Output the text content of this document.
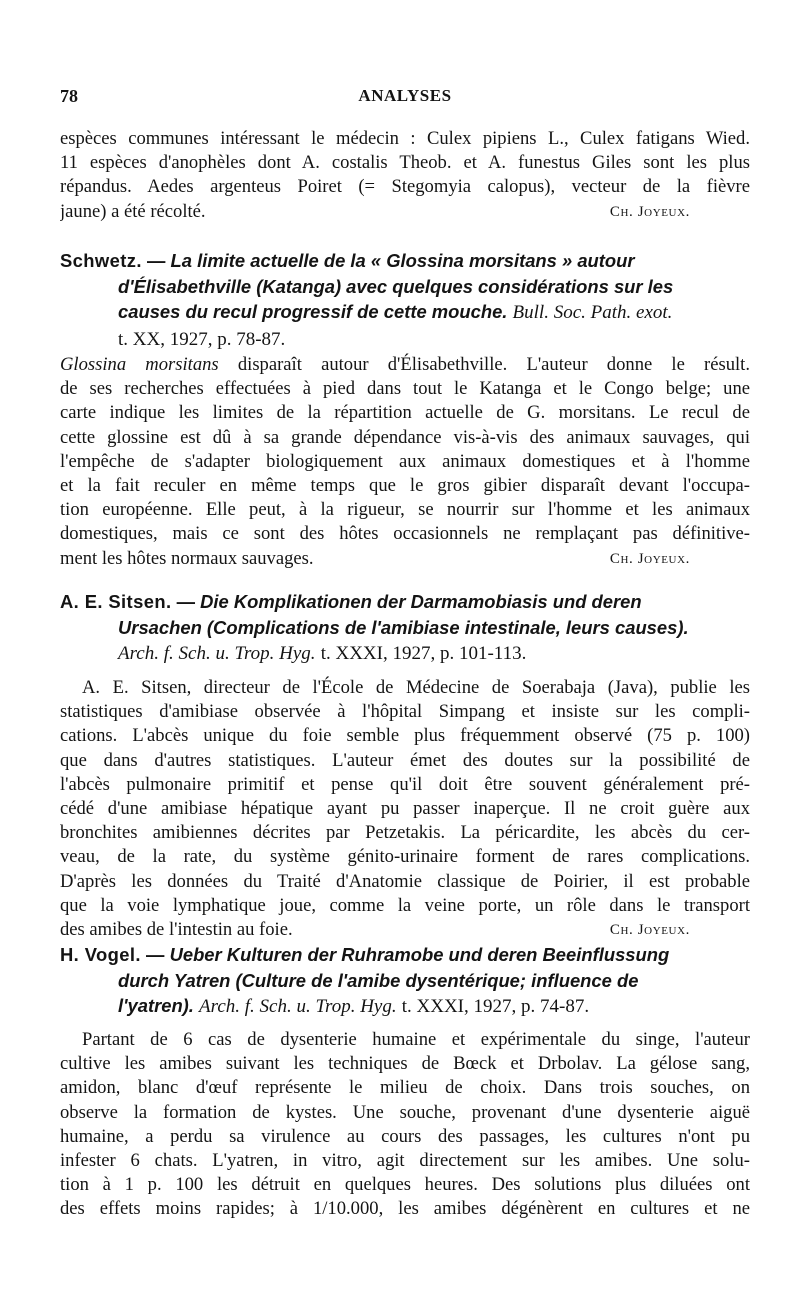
78	ANALYSES
espèces communes intéressant le médecin : Culex pipiens L., Culex fatigans Wied.
11 espèces d'anophèles dont A. costalis Theob. et A. funestus Giles sont les plus
répandus. Aedes argenteus Poiret (= Stegomyia calopus), vecteur de la fièvre
jaune) a été récolté.	Ch. Joyeux.
Schwetz. — La limite actuelle de la « Glossina morsitans » autour
d'Élisabethville (Katanga) avec quelques considérations sur les
causes du recul progressif de cette mouche. Bull. Soc. Path. exot.
t. XX, 1927, p. 78-87.
Glossina morsitans disparaît autour d'Élisabethville. L'auteur donne le résult.
de ses recherches effectuées à pied dans tout le Katanga et le Congo belge; une
carte indique les limites de la répartition actuelle de G. morsitans. Le recul de
cette glossine est dû à sa grande dépendance vis-à-vis des animaux sauvages, qui
l'empêche de s'adapter biologiquement aux animaux domestiques et à l'homme
et la fait reculer en même temps que le gros gibier disparaît devant l'occupa-
tion européenne. Elle peut, à la rigueur, se nourrir sur l'homme et les animaux
domestiques, mais ce sont des hôtes occasionnels ne remplaçant pas définitive-
ment les hôtes normaux sauvages.	Ch. Joyeux.
A. E. Sitsen. — Die Komplikationen der Darmamobiasis und deren
Ursachen (Complications de l'amibiase intestinale, leurs causes).
Arch. f. Sch. u. Trop. Hyg. t. XXXI, 1927, p. 101-113.
A. E. Sitsen, directeur de l'École de Médecine de Soerabaja (Java), publie les
statistiques d'amibiase observée à l'hôpital Simpang et insiste sur les compli-
cations. L'abcès unique du foie semble plus fréquemment observé (75 p. 100)
que dans d'autres statistiques. L'auteur émet des doutes sur la possibilité de
l'abcès pulmonaire primitif et pense qu'il doit être souvent généralement pré-
cédé d'une amibiase hépatique ayant pu passer inaperçue. Il ne croit guère aux
bronchites amibiennes décrites par Petzetakis. La péricardite, les abcès du cer-
veau, de la rate, du système génito-urinaire forment de rares complications.
D'après les données du Traité d'Anatomie classique de Poirier, il est probable
que la voie lymphatique joue, comme la veine porte, un rôle dans le transport
des amibes de l'intestin au foie.	Ch. Joyeux.
H. Vogel. — Ueber Kulturen der Ruhramobe und deren Beeinflussung
durch Yatren (Culture de l'amibe dysentérique; influence de
l'yatren). Arch. f. Sch. u. Trop. Hyg. t. XXXI, 1927, p. 74-87.
Partant de 6 cas de dysenterie humaine et expérimentale du singe, l'auteur
cultive les amibes suivant les techniques de Bœck et Drbolav. La gélose sang,
amidon, blanc d'œuf représente le milieu de choix. Dans trois souches, on
observe la formation de kystes. Une souche, provenant d'une dysenterie aiguë
humaine, a perdu sa virulence au cours des passages, les cultures n'ont pu
infester 6 chats. L'yatren, in vitro, agit directement sur les amibes. Une solu-
tion à 1 p. 100 les détruit en quelques heures. Des solutions plus diluées ont
des effets moins rapides; à 1/10.000, les amibes dégénèrent en cultures et ne
